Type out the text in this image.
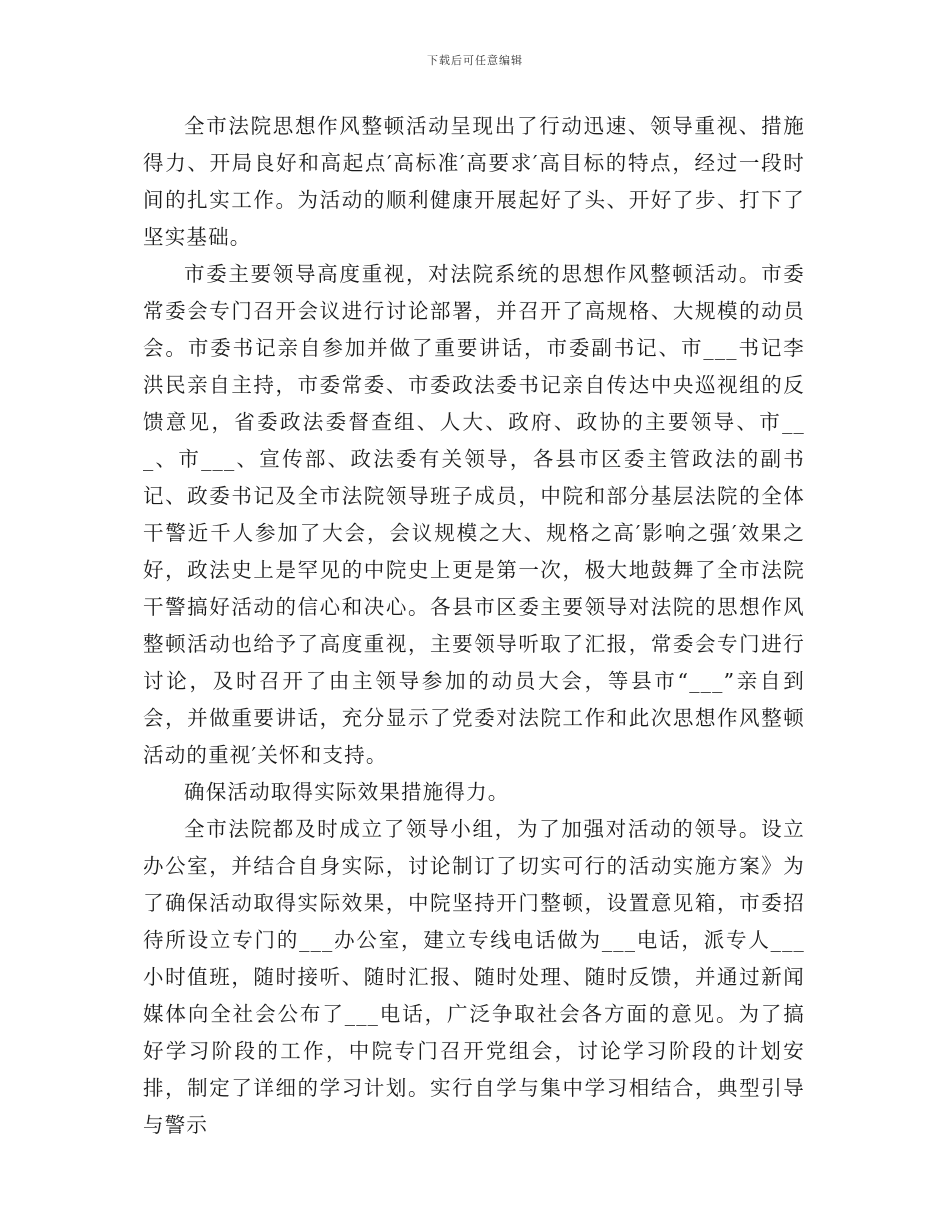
下载后可任意编辑

全市法院思想作风整顿活动呈现出了行动迅速、领导重视、措施得力、开局良好和高起点′高标准′高要求′高目标的特点，经过一段时间的扎实工作。为活动的顺利健康开展起好了头、开好了步、打下了坚实基础。

市委主要领导高度重视，对法院系统的思想作风整顿活动。市委常委会专门召开会议进行讨论部署，并召开了高规格、大规模的动员会。市委书记亲自参加并做了重要讲话，市委副书记、市___书记李洪民亲自主持，市委常委、市委政法委书记亲自传达中央巡视组的反馈意见，省委政法委督查组、人大、政府、政协的主要领导、市___、市___、宣传部、政法委有关领导，各县市区委主管政法的副书记、政委书记及全市法院领导班子成员，中院和部分基层法院的全体干警近千人参加了大会，会议规模之大、规格之高′影响之强′效果之好，政法史上是罕见的中院史上更是第一次，极大地鼓舞了全市法院干警搞好活动的信心和决心。各县市区委主要领导对法院的思想作风整顿活动也给予了高度重视，主要领导听取了汇报，常委会专门进行讨论，及时召开了由主领导参加的动员大会，等县市“___”亲自到会，并做重要讲话，充分显示了党委对法院工作和此次思想作风整顿活动的重视′关怀和支持。

确保活动取得实际效果措施得力。

全市法院都及时成立了领导小组，为了加强对活动的领导。设立办公室，并结合自身实际，讨论制订了切实可行的活动实施方案》为了确保活动取得实际效果，中院坚持开门整顿，设置意见箱，市委招待所设立专门的___办公室，建立专线电话做为___电话，派专人___小时值班，随时接听、随时汇报、随时处理、随时反馈，并通过新闻媒体向全社会公布了___电话，广泛争取社会各方面的意见。为了搞好学习阶段的工作，中院专门召开党组会，讨论学习阶段的计划安排，制定了详细的学习计划。实行自学与集中学习相结合，典型引导与警示
